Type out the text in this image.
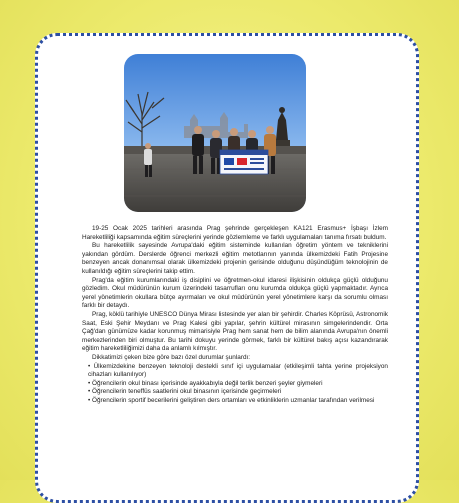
19-25 Ocak 2025 tarihleri arasında Prag şehrinde gerçekleşen KA121 Erasmus+ İşbaşı İzlem Hareketliliği kapsamında eğitim süreçlerini yerinde gözlemleme ve farklı uygulamaları tanıma fırsatı buldum.

Bu hareketlilik sayesinde Avrupa'daki eğitim sisteminde kullanılan öğretim yöntem ve tekniklerini yakından gördüm. Derslerde öğrenci merkezli eğitim metotlarının yanında ülkemizdeki Fatih Projesine benzeyen ancak donanımsal olarak ülkemizdeki projenin gerisinde olduğunu düşündüğüm teknolojinin de kullanıldığı eğitim süreçlerini takip ettim.

Prag'da eğitim kurumlarındaki iş disiplini ve öğretmen-okul idaresi ilişkisinin oldukça güçlü olduğunu gözledim. Okul müdürünün kurum üzerindeki tasarrufları onu kurumda oldukça güçlü yapmaktadır. Ayrıca yerel yönetimlerin okullara bütçe ayırmaları ve okul müdürünün yerel yönetimlere karşı da sorumlu olması farklı bir detaydı.

Prag, köklü tarihiyle UNESCO Dünya Mirası listesinde yer alan bir şehirdir. Charles Köprüsü, Astronomik Saat, Eski Şehir Meydanı ve Prag Kalesi gibi yapılar, şehrin kültürel mirasının simgelerindendir. Orta Çağ'dan günümüze kadar korunmuş mimarisiyle Prag hem sanat hem de bilim alanında Avrupa'nın önemli merkezlerinden biri olmuştur. Bu tarihi dokuyu yerinde görmek, farklı bir kültürel bakış açısı kazandırarak eğitim hareketliliğimizi daha da anlamlı kılmıştır.

Dikkatimizi çeken bize göre bazı özel durumlar şunlardı:

• Ülkemizdekine benzeyen teknoloji destekli sınıf içi uygulamalar (etkileşimli tahta yerine projeksiyon cihazları kullanılıyor)
• Öğrencilerin okul binası içerisinde ayakkabıyla değil terlik benzeri şeyler giymeleri
• Öğrencilerin teneffüs saatlerini okul binasının içerisinde geçirmeleri
• Öğrencilerin sportif becerilerini geliştiren ders ortamları ve etkinliklerin uzmanlar tarafından verilmesi
